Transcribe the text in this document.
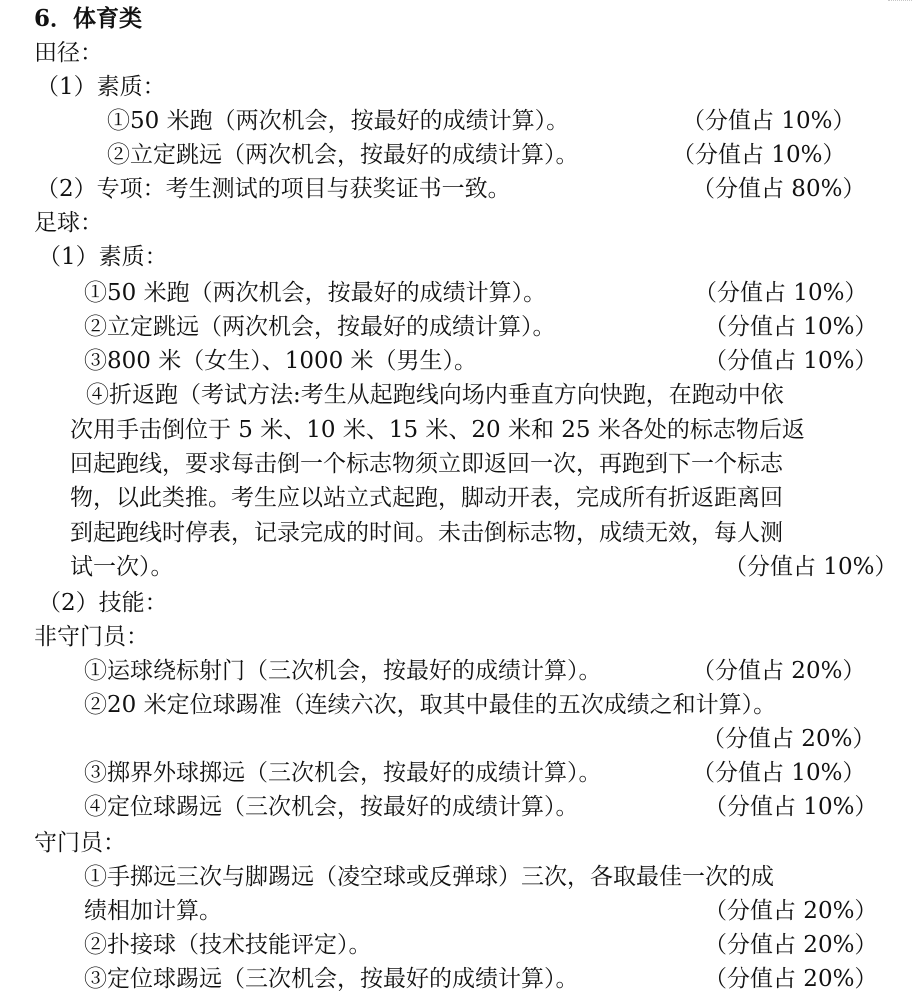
6．体育类
田径：
（1）素质：
①50 米跑（两次机会，按最好的成绩计算）。	（分值占 10%）
②立定跳远（两次机会，按最好的成绩计算）。	（分值占 10%）
（2）专项：考生测试的项目与获奖证书一致。	（分值占 80%）
足球：
（1）素质：
①50 米跑（两次机会，按最好的成绩计算）。	（分值占 10%）
②立定跳远（两次机会，按最好的成绩计算）。	（分值占 10%）
③800 米（女生）、1000 米（男生）。	（分值占 10%）
④折返跑（考试方法:考生从起跑线向场内垂直方向快跑，在跑动中依
次用手击倒位于 5 米、10 米、15 米、20 米和 25 米各处的标志物后返
回起跑线，要求每击倒一个标志物须立即返回一次，再跑到下一个标志
物，以此类推。考生应以站立式起跑，脚动开表，完成所有折返距离回
到起跑线时停表，记录完成的时间。未击倒标志物，成绩无效，每人测
试一次）。	（分值占 10%）
（2）技能：
非守门员：
①运球绕标射门（三次机会，按最好的成绩计算）。	（分值占 20%）
②20 米定位球踢准（连续六次，取其中最佳的五次成绩之和计算）。
（分值占 20%）
③掷界外球掷远（三次机会，按最好的成绩计算）。	（分值占 10%）
④定位球踢远（三次机会，按最好的成绩计算）。	（分值占 10%）
守门员：
①手掷远三次与脚踢远（凌空球或反弹球）三次，各取最佳一次的成
绩相加计算。	（分值占 20%）
②扑接球（技术技能评定）。	（分值占 20%）
③定位球踢远（三次机会，按最好的成绩计算）。	（分值占 20%）
